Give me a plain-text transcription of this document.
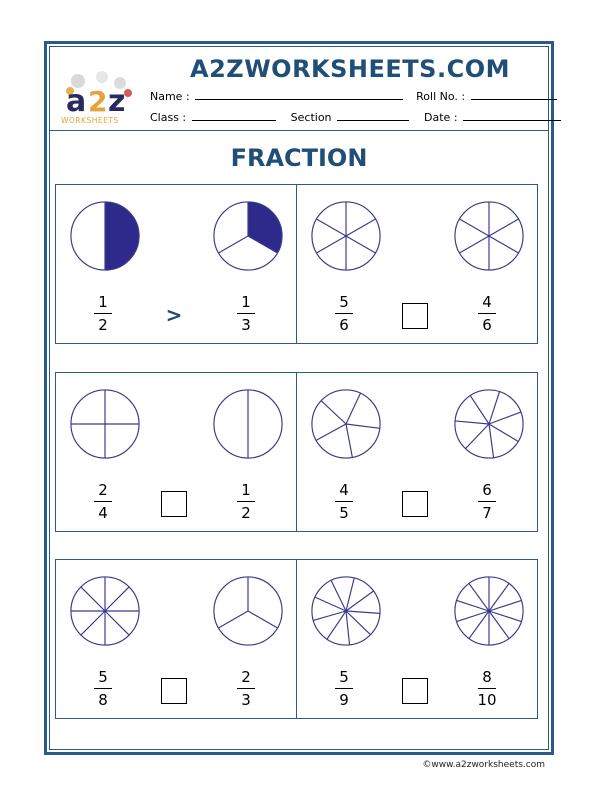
a 2 z
WORKSHEETS
A2ZWORKSHEETS.COM
Name :	Roll No. :
Class :	Section	Date :
FRACTION
1
2
1
3
>
5
6
4
6
2
4
1
2
4
5
6
7
5
8
2
3
5
9
8
10
©www.a2zworksheets.com
